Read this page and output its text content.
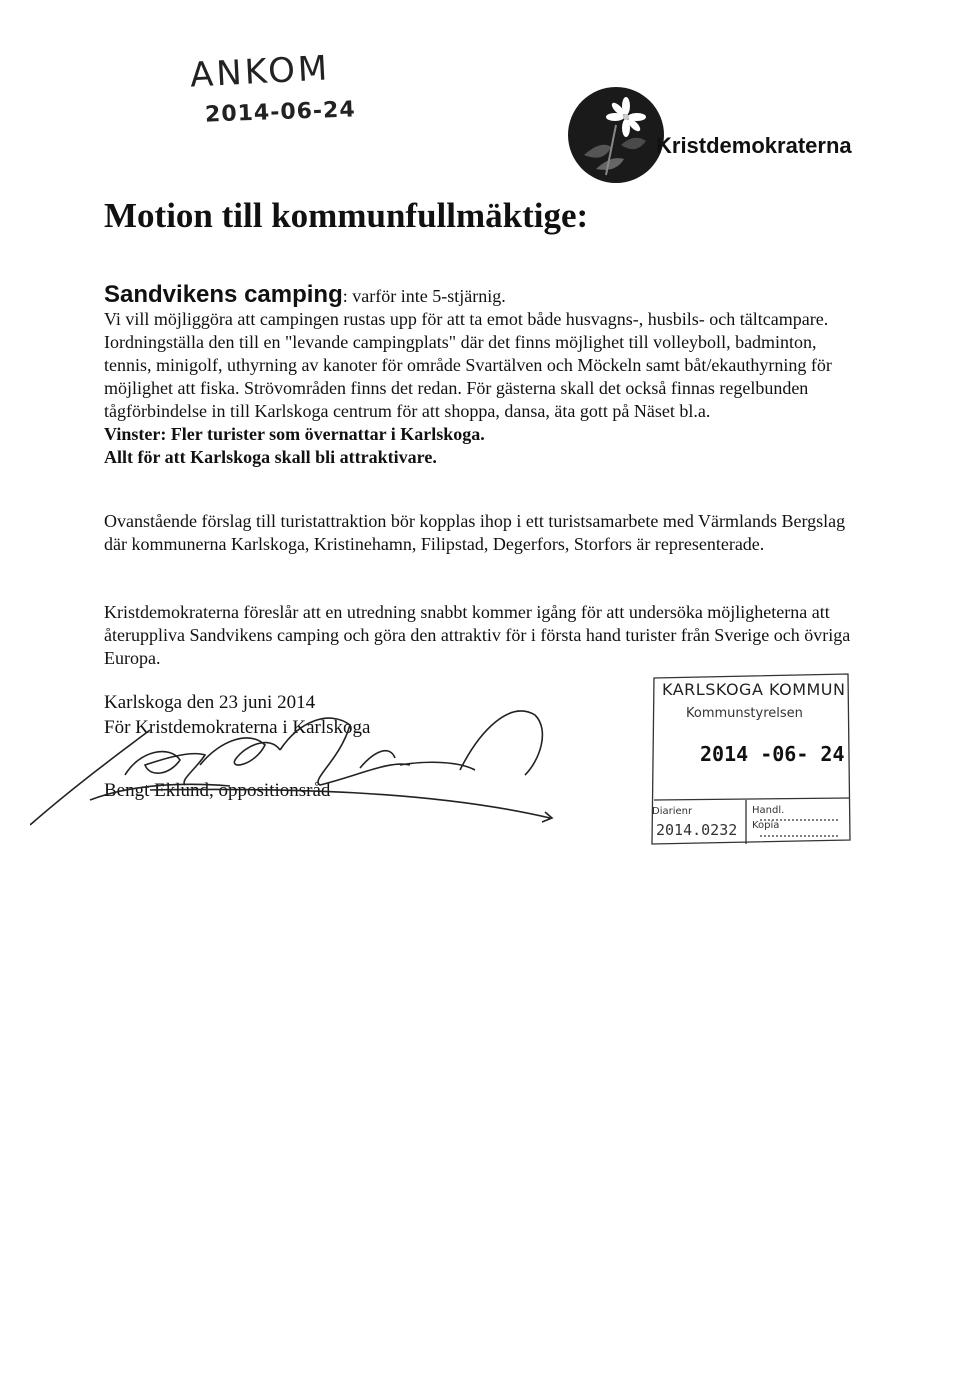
ANKOM
2014-06-24
Kristdemokraterna
Motion till kommunfullmäktige:
Sandvikens camping: varför inte 5-stjärnig.
Vi vill möjliggöra att campingen rustas upp för att ta emot både husvagns-, husbils- och tältcampare. Iordningställa den till en "levande campingplats" där det finns möjlighet till volleyboll, badminton, tennis, minigolf, uthyrning av kanoter för område Svartälven och Möckeln samt båt/ekauthyrning för möjlighet att fiska. Strövområden finns det redan. För gästerna skall det också finnas regelbunden tågförbindelse in till Karlskoga centrum för att shoppa, dansa, äta gott på Näset bl.a.
Vinster: Fler turister som övernattar i Karlskoga.
Allt för att Karlskoga skall bli attraktivare.

Ovanstående förslag till turistattraktion bör kopplas ihop i ett turistsamarbete med Värmlands Bergslag där kommunerna Karlskoga, Kristinehamn, Filipstad, Degerfors, Storfors är representerade.

Kristdemokraterna föreslår att en utredning snabbt kommer igång för att undersöka möjligheterna att återuppliva Sandvikens camping och göra den attraktiv för i första hand turister från Sverige och övriga Europa.

Karlskoga den 23 juni 2014
För Kristdemokraterna i Karlskoga
Bengt Eklund, oppositionsråd
KARLSKOGA KOMMUN
Kommunstyrelsen
2014 -06- 24
Diarienr
2014.0232
Handl.
Kopia
